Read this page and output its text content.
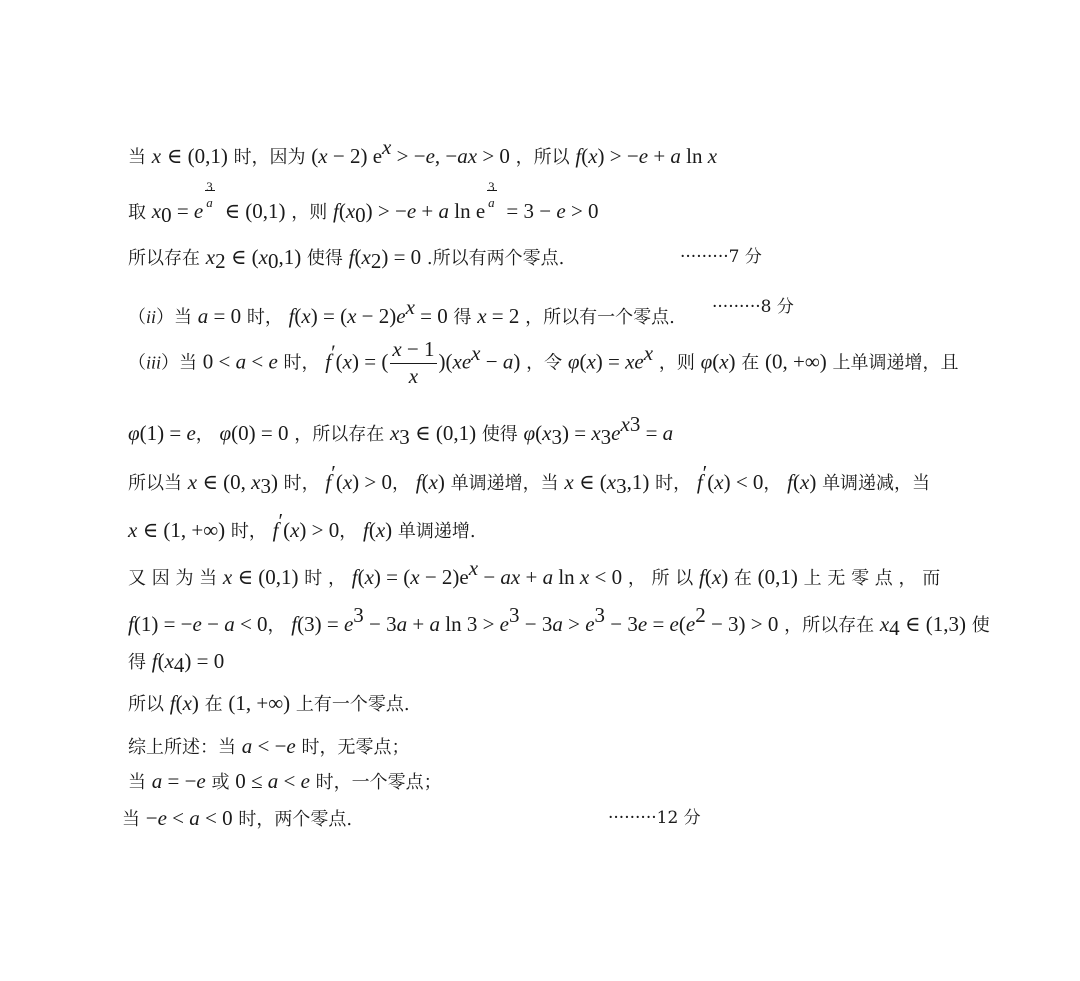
当 x ∈ (0,1) 时，因为 (x − 2) $e^x > -e$, −ax > 0 ，所以 f(x) > −e + a ln x
取 $x_0 = e$
3
a ∈ (0,1) ，则 $f(x_0) > -e + a$ ln e
3
a = 3 − e > 0
所以存在 $x_2$ ∈ $(x_0,1)$ 使得 $f(x_2) = 0$ .所以有两个零点.	·········7 分
（ii）当 a = 0 时， $f(x) = (x - 2)e^x = 0$ 得 x = 2 ，所以有一个零点. ·········8 分
（iii）当 0 < a < e 时， f′(x) = ( $\frac{x - 1}{x} )(xe^x - a)$ ，令 $\varphi(x) = xe^x$ ，则 φ(x) 在 (0, +∞) 上单调递增，且
φ(1) = e， φ(0) = 0 ，所以存在 $x_3$ ∈ (0,1) 使得 $\varphi(x_3) = x_3e^{x3} = a$
所以当 x ∈ (0, $x_3$) 时， f′(x) > 0， f(x) 单调递增，当 x ∈ $(x_3,1)$ 时， f′(x) < 0， f(x) 单调递减，当
x ∈ (1, +∞) 时， f′(x) > 0， f(x) 单调递增.
又 因 为 当 x ∈ (0,1) 时 ， $f(x) = (x - 2)e^x$ − ax + a ln x < 0 ， 所 以 f(x) 在 (0,1) 上 无 零 点 ， 而
f(1) = −e − a < 0， $f(3) = e^3 - 3a + a$ $\ln 3 > e^3 - 3a > e^3 - 3e = e(e^2 - 3) > 0$ ，所以存在 $x_4$ ∈ (1,3) 使
得 $f(x_4) = 0$
所以 f(x) 在 (1, +∞) 上有一个零点.
综上所述：当 a < −e 时，无零点；
当 a = −e 或 0 ≤ a < e 时，一个零点；
当 −e < a < 0 时，两个零点.	·········12 分
